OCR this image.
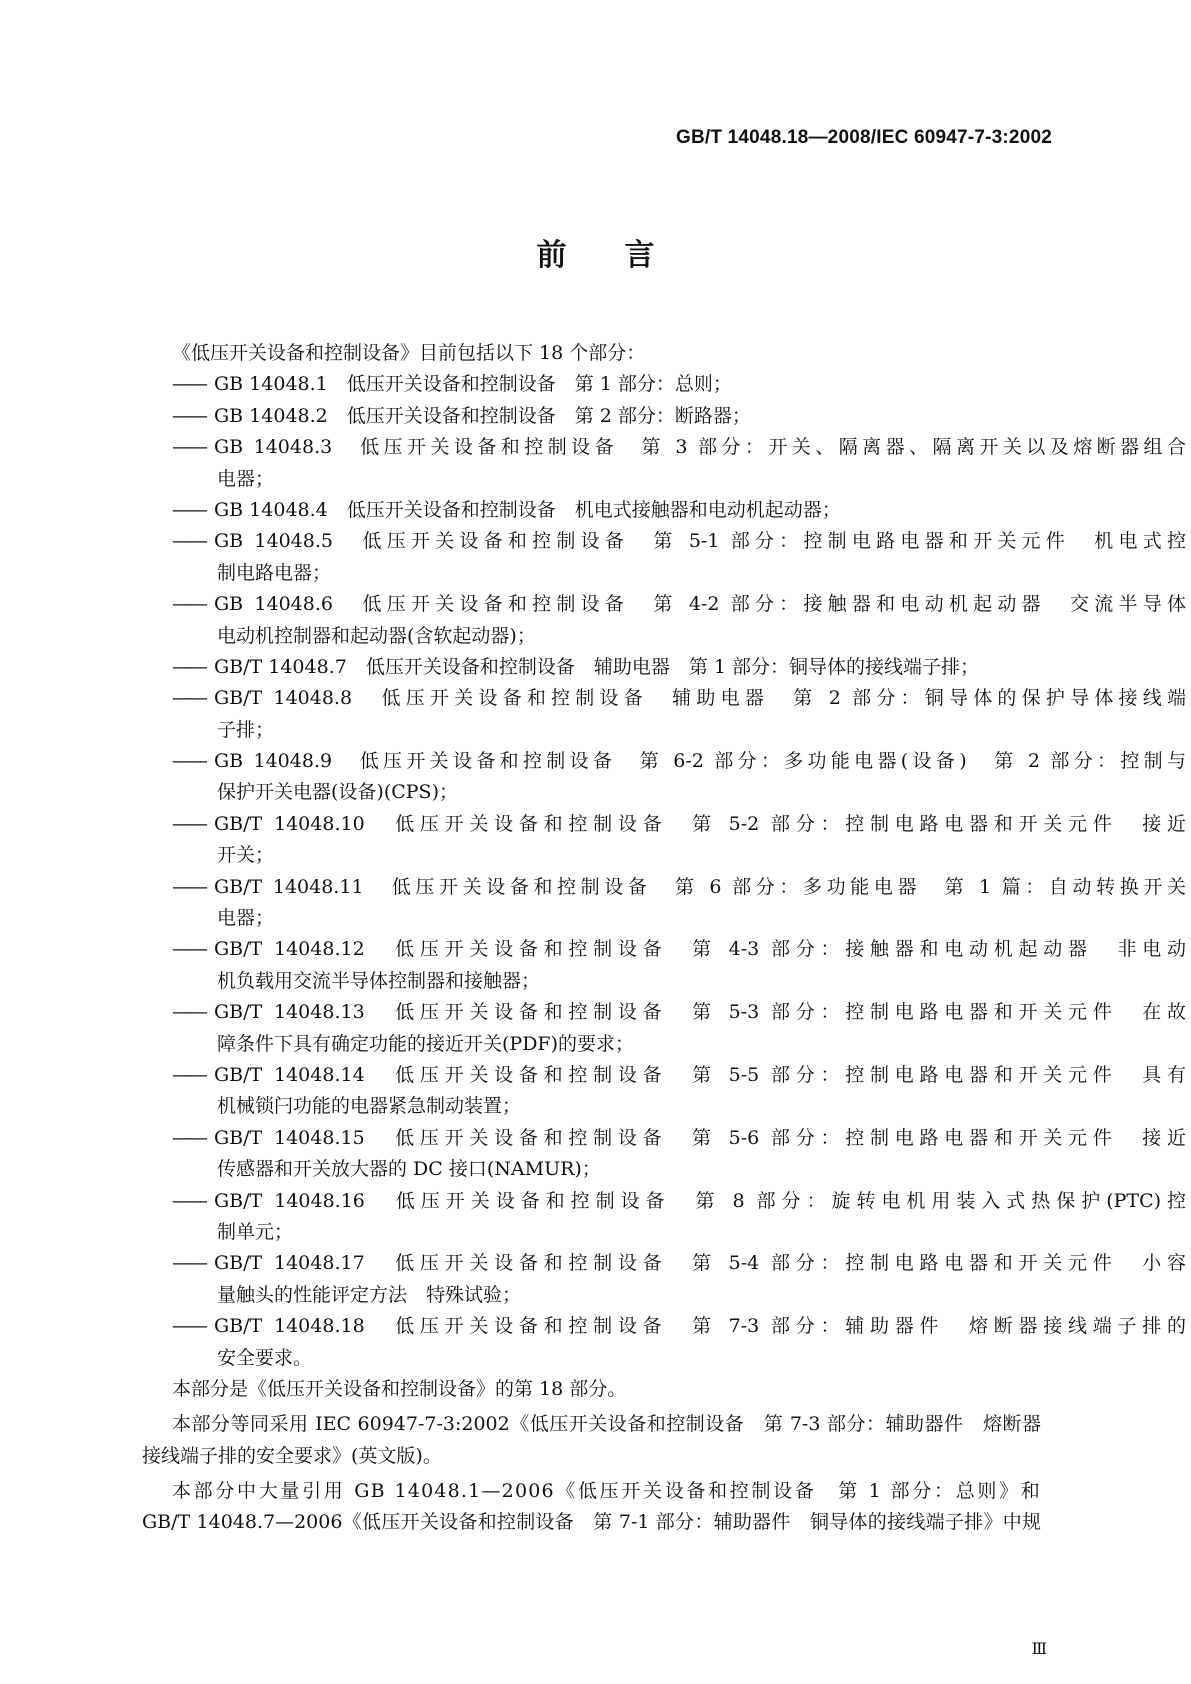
GB/T 14048.18—2008/IEC 60947-7-3:2002
前言
《低压开关设备和控制设备》目前包括以下 18 个部分：
—— GB 14048.1　低压开关设备和控制设备　第 1 部分：总则；
—— GB 14048.2　低压开关设备和控制设备　第 2 部分：断路器；
—— GB 14048.3　低压开关设备和控制设备　第 3 部分：开关、隔离器、隔离开关以及熔断器组合
电器；
—— GB 14048.4　低压开关设备和控制设备　机电式接触器和电动机起动器；
—— GB 14048.5　低压开关设备和控制设备　第 5-1 部分：控制电路电器和开关元件　机电式控
制电路电器；
—— GB 14048.6　低压开关设备和控制设备　第 4-2 部分：接触器和电动机起动器　交流半导体
电动机控制器和起动器(含软起动器)；
—— GB/T 14048.7　低压开关设备和控制设备　辅助电器　第 1 部分：铜导体的接线端子排；
—— GB/T 14048.8　低压开关设备和控制设备　辅助电器　第 2 部分：铜导体的保护导体接线端
子排；
—— GB 14048.9　低压开关设备和控制设备　第 6-2 部分：多功能电器(设备)　第 2 部分：控制与
保护开关电器(设备)(CPS)；
—— GB/T 14048.10　低压开关设备和控制设备　第 5-2 部分：控制电路电器和开关元件　接近
开关；
—— GB/T 14048.11　低压开关设备和控制设备　第 6 部分：多功能电器　第 1 篇：自动转换开关
电器；
—— GB/T 14048.12　低压开关设备和控制设备　第 4-3 部分：接触器和电动机起动器　非电动
机负载用交流半导体控制器和接触器；
—— GB/T 14048.13　低压开关设备和控制设备　第 5-3 部分：控制电路电器和开关元件　在故
障条件下具有确定功能的接近开关(PDF)的要求；
—— GB/T 14048.14　低压开关设备和控制设备　第 5-5 部分：控制电路电器和开关元件　具有
机械锁闩功能的电器紧急制动装置；
—— GB/T 14048.15　低压开关设备和控制设备　第 5-6 部分：控制电路电器和开关元件　接近
传感器和开关放大器的 DC 接口(NAMUR)；
—— GB/T 14048.16　低压开关设备和控制设备　第 8 部分：旋转电机用装入式热保护(PTC)控
制单元；
—— GB/T 14048.17　低压开关设备和控制设备　第 5-4 部分：控制电路电器和开关元件　小容
量触头的性能评定方法　特殊试验；
—— GB/T 14048.18　低压开关设备和控制设备　第 7-3 部分：辅助器件　熔断器接线端子排的
安全要求。
本部分是《低压开关设备和控制设备》的第 18 部分。
本部分等同采用 IEC 60947-7-3:2002《低压开关设备和控制设备　第 7-3 部分：辅助器件　熔断器
接线端子排的安全要求》(英文版)。
本部分中大量引用 GB 14048.1—2006《低压开关设备和控制设备　第 1 部分：总则》和
GB/T 14048.7—2006《低压开关设备和控制设备　第 7-1 部分：辅助器件　铜导体的接线端子排》中规
Ⅲ
